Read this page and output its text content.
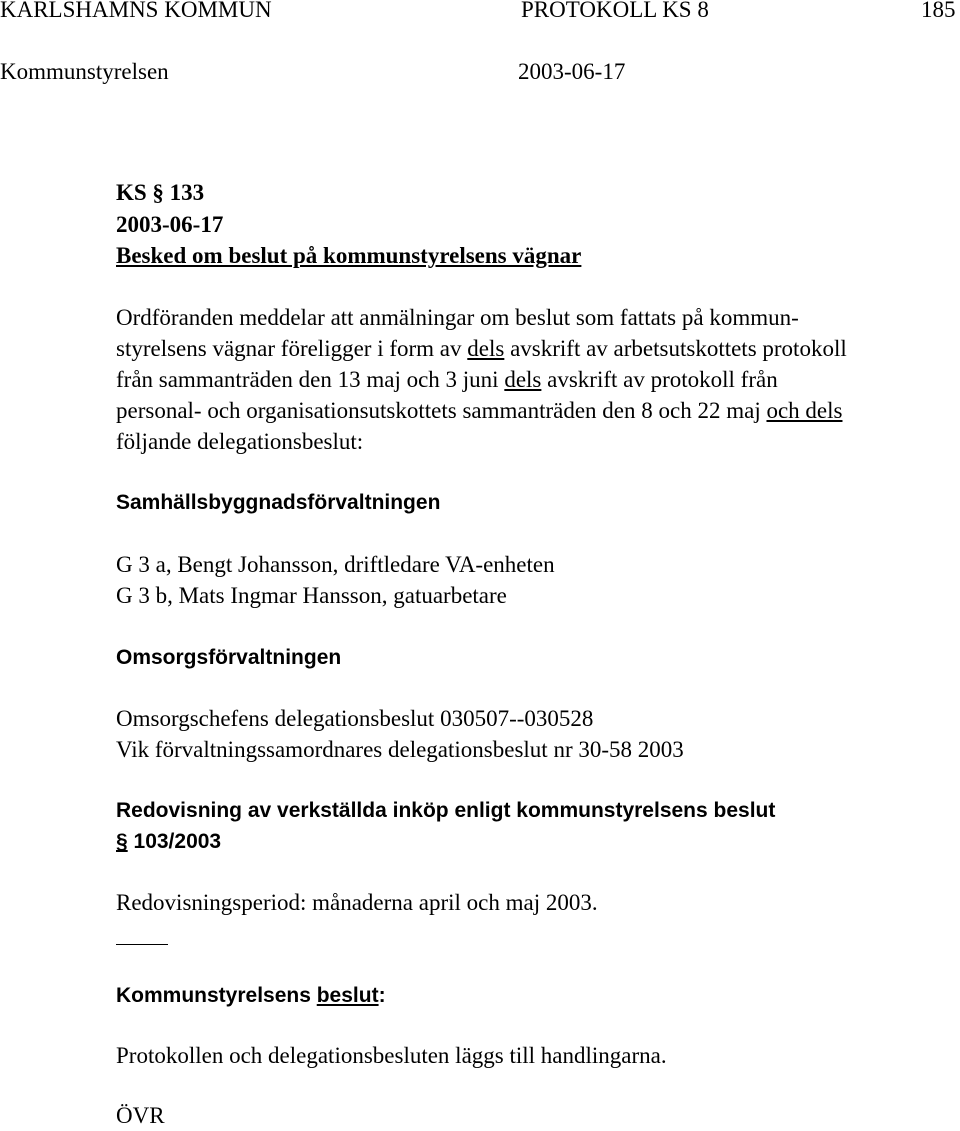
KARLSHAMNS KOMMUN	PROTOKOLL KS 8	185
Kommunstyrelsen	2003-06-17
KS § 133
2003-06-17
Besked om beslut på kommunstyrelsens vägnar
Ordföranden meddelar att anmälningar om beslut som fattats på kommun-
styrelsens vägnar föreligger i form av dels avskrift av arbetsutskottets protokoll
från sammanträden den 13 maj och 3 juni dels avskrift av protokoll från
personal- och organisationsutskottets sammanträden den 8 och 22 maj och dels
följande delegationsbeslut:
Samhällsbyggnadsförvaltningen
G 3 a, Bengt Johansson, driftledare VA-enheten
G 3 b, Mats Ingmar Hansson, gatuarbetare
Omsorgsförvaltningen
Omsorgschefens delegationsbeslut 030507--030528
Vik förvaltningssamordnares delegationsbeslut nr 30-58 2003
Redovisning av verkställda inköp enligt kommunstyrelsens beslut
§ 103/2003
Redovisningsperiod: månaderna april och maj 2003.
Kommunstyrelsens beslut:
Protokollen och delegationsbesluten läggs till handlingarna.
ÖVR
